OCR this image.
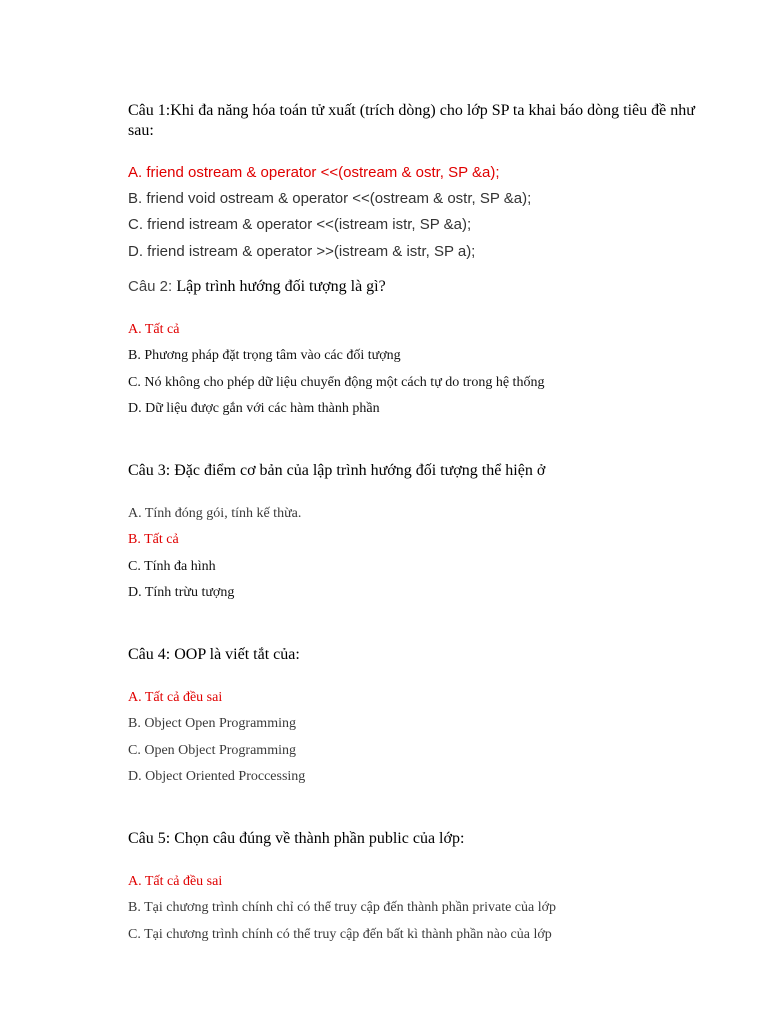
Câu 1:Khi đa năng hóa toán tử xuất (trích dòng) cho lớp SP ta khai báo dòng tiêu đề như sau:

A. friend ostream & operator <<(ostream & ostr, SP &a);

B. friend void ostream & operator <<(ostream & ostr, SP &a);

C. friend istream & operator <<(istream istr, SP &a);

D. friend istream & operator >>(istream & istr, SP a);

Câu 2: Lập trình hướng đối tượng là gì?

A. Tất cả

B. Phương pháp đặt trọng tâm vào các đối tượng

C. Nó không cho phép dữ liệu chuyển động một cách tự do trong hệ thống

D. Dữ liệu được gắn với các hàm thành phần

Câu 3: Đặc điểm cơ bản của lập trình hướng đối tượng thể hiện ở

A. Tính đóng gói, tính kế thừa.

B. Tất cả

C. Tính đa hình

D. Tính trừu tượng

Câu 4: OOP là viết tắt của:

A. Tất cả đều sai

B. Object Open Programming

C. Open Object Programming

D. Object Oriented Proccessing

Câu 5: Chọn câu đúng về thành phần public của lớp:

A. Tất cả đều sai

B. Tại chương trình chính chỉ có thể truy cập đến thành phần private của lớp

C. Tại chương trình chính có thể truy cập đến bất kì thành phần nào của lớp
